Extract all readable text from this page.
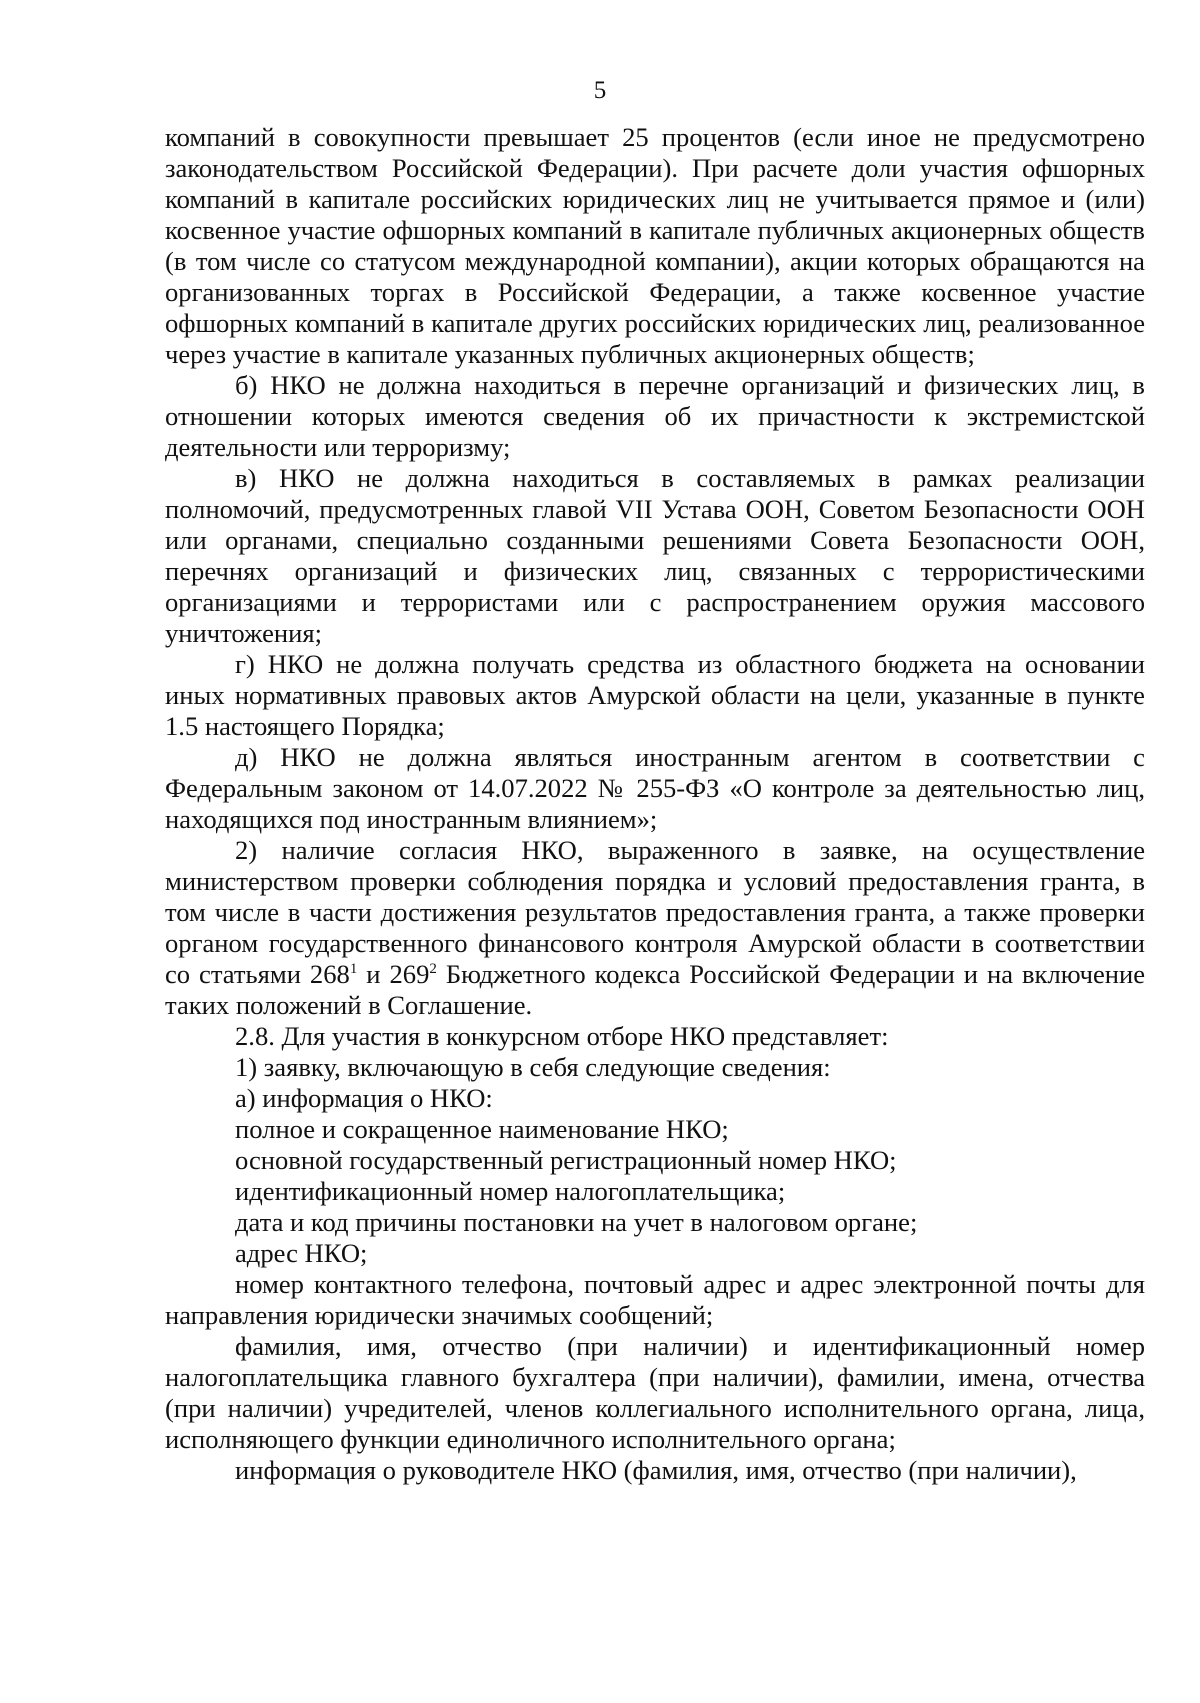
5

компаний в совокупности превышает 25 процентов (если иное не предусмотрено законодательством Российской Федерации). При расчете доли участия офшорных компаний в капитале российских юридических лиц не учитывается прямое и (или) косвенное участие офшорных компаний в капитале публичных акционерных обществ (в том числе со статусом международной компании), акции которых обращаются на организованных торгах в Российской Федерации, а также косвенное участие офшорных компаний в капитале других российских юридических лиц, реализованное через участие в капитале указанных публичных акционерных обществ;

б) НКО не должна находиться в перечне организаций и физических лиц, в отношении которых имеются сведения об их причастности к экстремистской деятельности или терроризму;

в) НКО не должна находиться в составляемых в рамках реализации полномочий, предусмотренных главой VII Устава ООН, Советом Безопасности ООН или органами, специально созданными решениями Совета Безопасности ООН, перечнях организаций и физических лиц, связанных с террористическими организациями и террористами или с распространением оружия массового уничтожения;

г) НКО не должна получать средства из областного бюджета на основании иных нормативных правовых актов Амурской области на цели, указанные в пункте 1.5 настоящего Порядка;

д) НКО не должна являться иностранным агентом в соответствии с Федеральным законом от 14.07.2022 № 255-ФЗ «О контроле за деятельностью лиц, находящихся под иностранным влиянием»;

2) наличие согласия НКО, выраженного в заявке, на осуществление министерством проверки соблюдения порядка и условий предоставления гранта, в том числе в части достижения результатов предоставления гранта, а также проверки органом государственного финансового контроля Амурской области в соответствии со статьями $268^1$ и $269^2$ Бюджетного кодекса Российской Федерации и на включение таких положений в Соглашение.

2.8. Для участия в конкурсном отборе НКО представляет:

1) заявку, включающую в себя следующие сведения:

а) информация о НКО:

полное и сокращенное наименование НКО;

основной государственный регистрационный номер НКО;

идентификационный номер налогоплательщика;

дата и код причины постановки на учет в налоговом органе;

адрес НКО;

номер контактного телефона, почтовый адрес и адрес электронной почты для направления юридически значимых сообщений;

фамилия, имя, отчество (при наличии) и идентификационный номер налогоплательщика главного бухгалтера (при наличии), фамилии, имена, отчества (при наличии) учредителей, членов коллегиального исполнительного органа, лица, исполняющего функции единоличного исполнительного органа;

информация о руководителе НКО (фамилия, имя, отчество (при наличии),
